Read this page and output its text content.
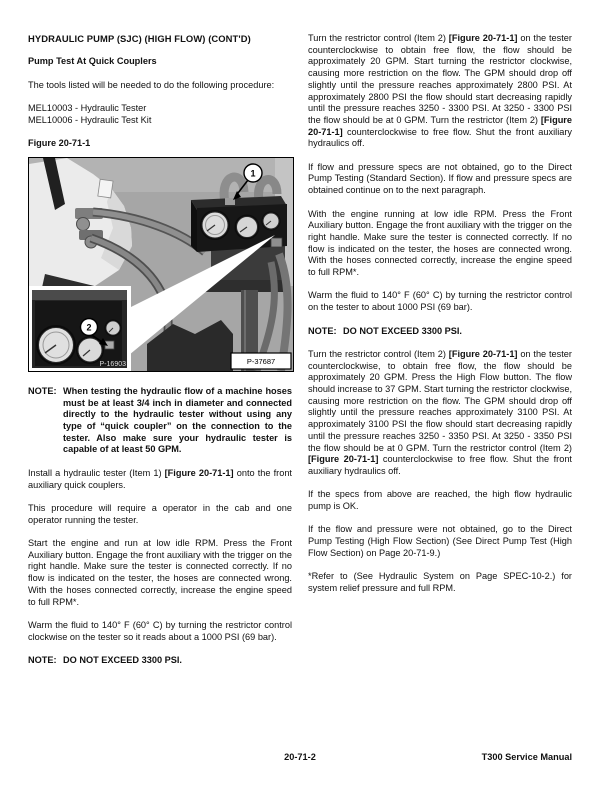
HYDRAULIC PUMP (SJC) (HIGH FLOW) (CONT'D)
Pump Test At Quick Couplers
The tools listed will be needed to do the following procedure:
MEL10003 - Hydraulic Tester
MEL10006 - Hydraulic Test Kit
Figure 20-71-1
P-16903
2
1
P-37687
NOTE: When testing the hydraulic flow of a machine hoses must be at least 3/4 inch in diameter and connected directly to the hydraulic tester without using any type of “quick coupler” on the connection to the tester. Also make sure your hydraulic tester is capable of at least 50 GPM.
Install a hydraulic tester (Item 1) [Figure 20-71-1] onto the front auxiliary quick couplers.
This procedure will require a operator in the cab and one operator running the tester.
Start the engine and run at low idle RPM. Press the Front Auxiliary button. Engage the front auxiliary with the trigger on the right handle. Make sure the tester is connected correctly. If no flow is indicated on the tester, the hoses are connected wrong. With the hoses connected correctly, increase the engine speed to full RPM*.
Warm the fluid to 140° F (60° C) by turning the restrictor control clockwise on the tester so it reads about a 1000 PSI (69 bar).
NOTE: DO NOT EXCEED 3300 PSI.
Turn the restrictor control (Item 2) [Figure 20-71-1] on the tester counterclockwise to obtain free flow, the flow should be approximately 20 GPM. Start turning the restrictor clockwise, causing more restriction on the flow. The GPM should drop off slightly until the pressure reaches approximately 2800 PSI. At approximately 2800 PSI the flow should start decreasing rapidly until the pressure reaches 3250 - 3300 PSI. At 3250 - 3300 PSI the flow should be at 0 GPM. Turn the restrictor (Item 2) [Figure 20-71-1] counterclockwise to free flow. Shut the front auxiliary hydraulics off.
If flow and pressure specs are not obtained, go to the Direct Pump Testing (Standard Section). If flow and pressure specs are obtained continue on to the next paragraph.
With the engine running at low idle RPM. Press the Front Auxiliary button. Engage the front auxiliary with the trigger on the right handle. Make sure the tester is connected correctly. If no flow is indicated on the tester, the hoses are connected wrong. With the hoses connected correctly, increase the engine speed to full RPM*.
Warm the fluid to 140° F (60° C) by turning the restrictor control on the tester to about 1000 PSI (69 bar).
NOTE: DO NOT EXCEED 3300 PSI.
Turn the restrictor control (Item 2) [Figure 20-71-1] on the tester counterclockwise, to obtain free flow, the flow should be approximately 20 GPM. Press the High Flow button. The flow should increase to 37 GPM. Start turning the restrictor clockwise, causing more restriction on the flow. The GPM should drop off slightly until the pressure reaches approximately 3100 PSI. At approximately 3100 PSI the flow should start decreasing rapidly until the pressure reaches 3250 - 3350 PSI. At 3250 - 3350 PSI the flow should be at 0 GPM. Turn the restrictor control (Item 2) [Figure 20-71-1] counterclockwise to free flow. Shut the front auxiliary hydraulics off.
If the specs from above are reached, the high flow hydraulic pump is OK.
If the flow and pressure were not obtained, go to the Direct Pump Testing (High Flow Section) (See Direct Pump Test (High Flow Section) on Page 20-71-9.)
*Refer to (See Hydraulic System on Page SPEC-10-2.) for system relief pressure and full RPM.
20-71-2	T300 Service Manual
